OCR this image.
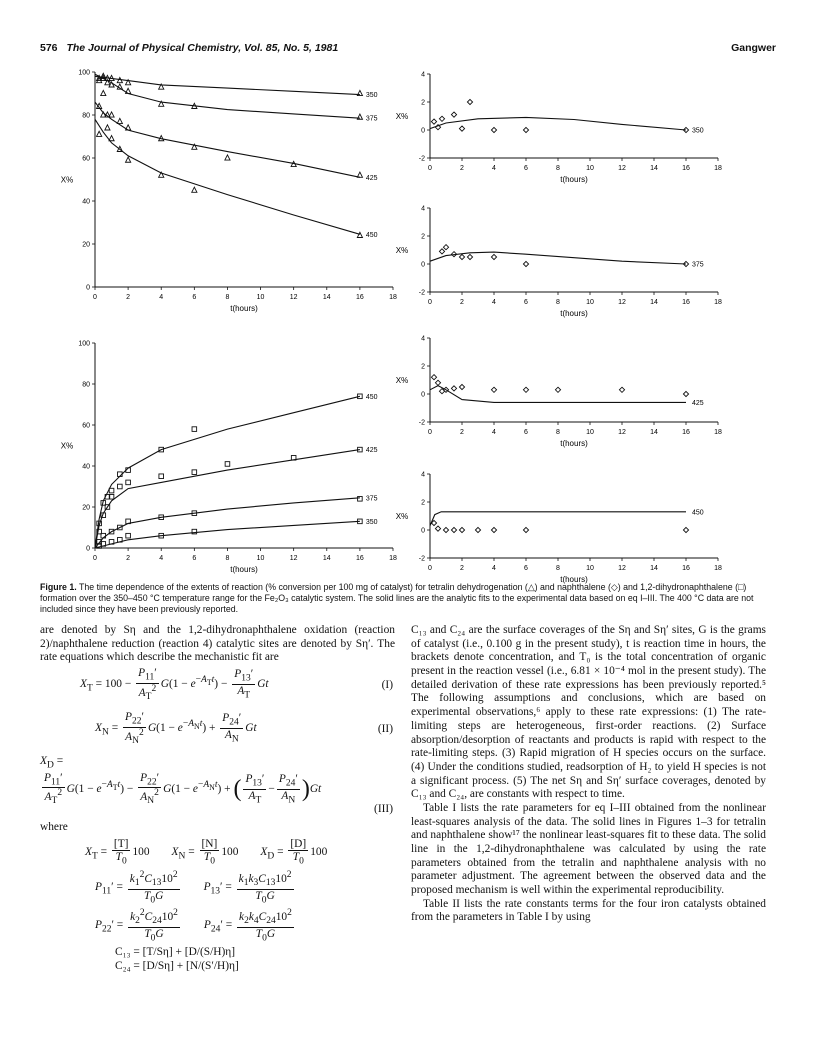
576 The Journal of Physical Chemistry, Vol. 85, No. 5, 1981	Gangwer
0	2	4	6	8	10	12	14	16	18
0
20
40
60
80
100
t(hours)
X%
350
375
425
450
0	2	4	6	8	10	12	14	16	18
0
20
40
60
80
100
t(hours)
X%
450
425
375
350
0	2	4	6	8	10	12	14	16	18
-2
0
2
4
t(hours)
X%
350
0	2	4	6	8	10	12	14	16	18
-2
0
2
4
t(hours)
X%
375
0	2	4	6	8	10	12	14	16	18
-2
0
2
4
t(hours)
X%
425
0	2	4	6	8	10	12	14	16	18
-2
0
2
4
t(hours)
X%	450
Figure 1. The time dependence of the extents of reaction (% conversion per 100 mg of catalyst) for tetralin dehydrogenation (△) and naphthalene (◇) and 1,2-dihydronaphthalene (□) formation over the 350–450 °C temperature range for the Fe₂O₃ catalytic system. The solid lines are the analytic fits to the experimental data based on eq I–III. The 400 °C data are not included since they have been previously reported.

are denoted by Sη and the 1,2-dihydronaphthalene oxidation (reaction 2)/naphthalene reduction (reaction 4) catalytic sites are denoted by Sη′. The rate equations which describe the mechanistic fit are

$X_T = 100 - \frac{P_{11}'}{A_T^2} G(1 - e^{-A_Tt}) - \frac{P_{13}'}{A_T}$ Gt	(I)
$X_N = \frac{P_{22}'}{A_N^2} G(1 - e^{-A_Nt}) + \frac{P_{24}'}{A_N}$ Gt	(II)
$X_D$ =
$\frac{P_{11}'}{A_T^2} G(1 - e^{-A_Tt}) - \frac{P_{22}'}{A_N^2} G(1 - e^{-A_Nt})$ + ( $\frac{P_{13}'}{A_T} - \frac{P_{24}'}{A_N} )Gt$
(III)

where

$X_T = \frac{[T]}{T_0} 100$ $X_N = \frac{[N]}{T_0} 100$ $X_D = \frac{[D]}{T_0} 100$
$P_{11}' = \frac{k_1^2C_{13}10^2}{T_0G} P_{13}' = \frac{k_1k_3C_{13}10^2}{T_0G}$
$P_{22}' = \frac{k_2^2C_{24}10^2}{T_0G} P_{24}' = \frac{k_2k_4C_{24}10^2}{T_0G}$
C₁₃ = [T/Sη] + [D/(S/H)η]
C₂₄ = [D/Sη] + [N/(S′/H)η]

C₁₃ and C₂₄ are the surface coverages of the Sη and Sη′ sites, G is the grams of catalyst (i.e., 0.100 g in the present study), t is reaction time in hours, the brackets denote concentration, and T₀ is the total concentration of organic present in the reaction vessel (i.e., 6.81 × 10⁻⁴ mol in the present study). The detailed derivation of these rate expressions has been previously reported.⁵ The following assumptions and conclusions, which are based on experimental observations,⁶ apply to these rate expressions: (1) The rate-limiting steps are heterogeneous, first-order reactions. (2) Surface absorption/desorption of reactants and products is rapid with respect to the rate-limiting steps. (3) Rapid migration of H species occurs on the surface. (4) Under the conditions studied, readsorption of H₂ to yield H species is not a significant process. (5) The net Sη and Sη′ surface coverages, denoted by C₁₃ and C₂₄, are constants with respect to time.

Table I lists the rate parameters for eq I–III obtained from the nonlinear least-squares analysis of the data. The solid lines in Figures 1–3 for tetralin and naphthalene show¹⁷ the nonlinear least-squares fit to these data. The solid line in the 1,2-dihydronaphthalene was calculated by using the rate parameters obtained from the tetralin and naphthalene analysis with no parameter adjustment. The agreement between the observed data and the proposed mechanism is well within the experimental reproducibility.

Table II lists the rate constants terms for the four iron catalysts obtained from the parameters in Table I by using
